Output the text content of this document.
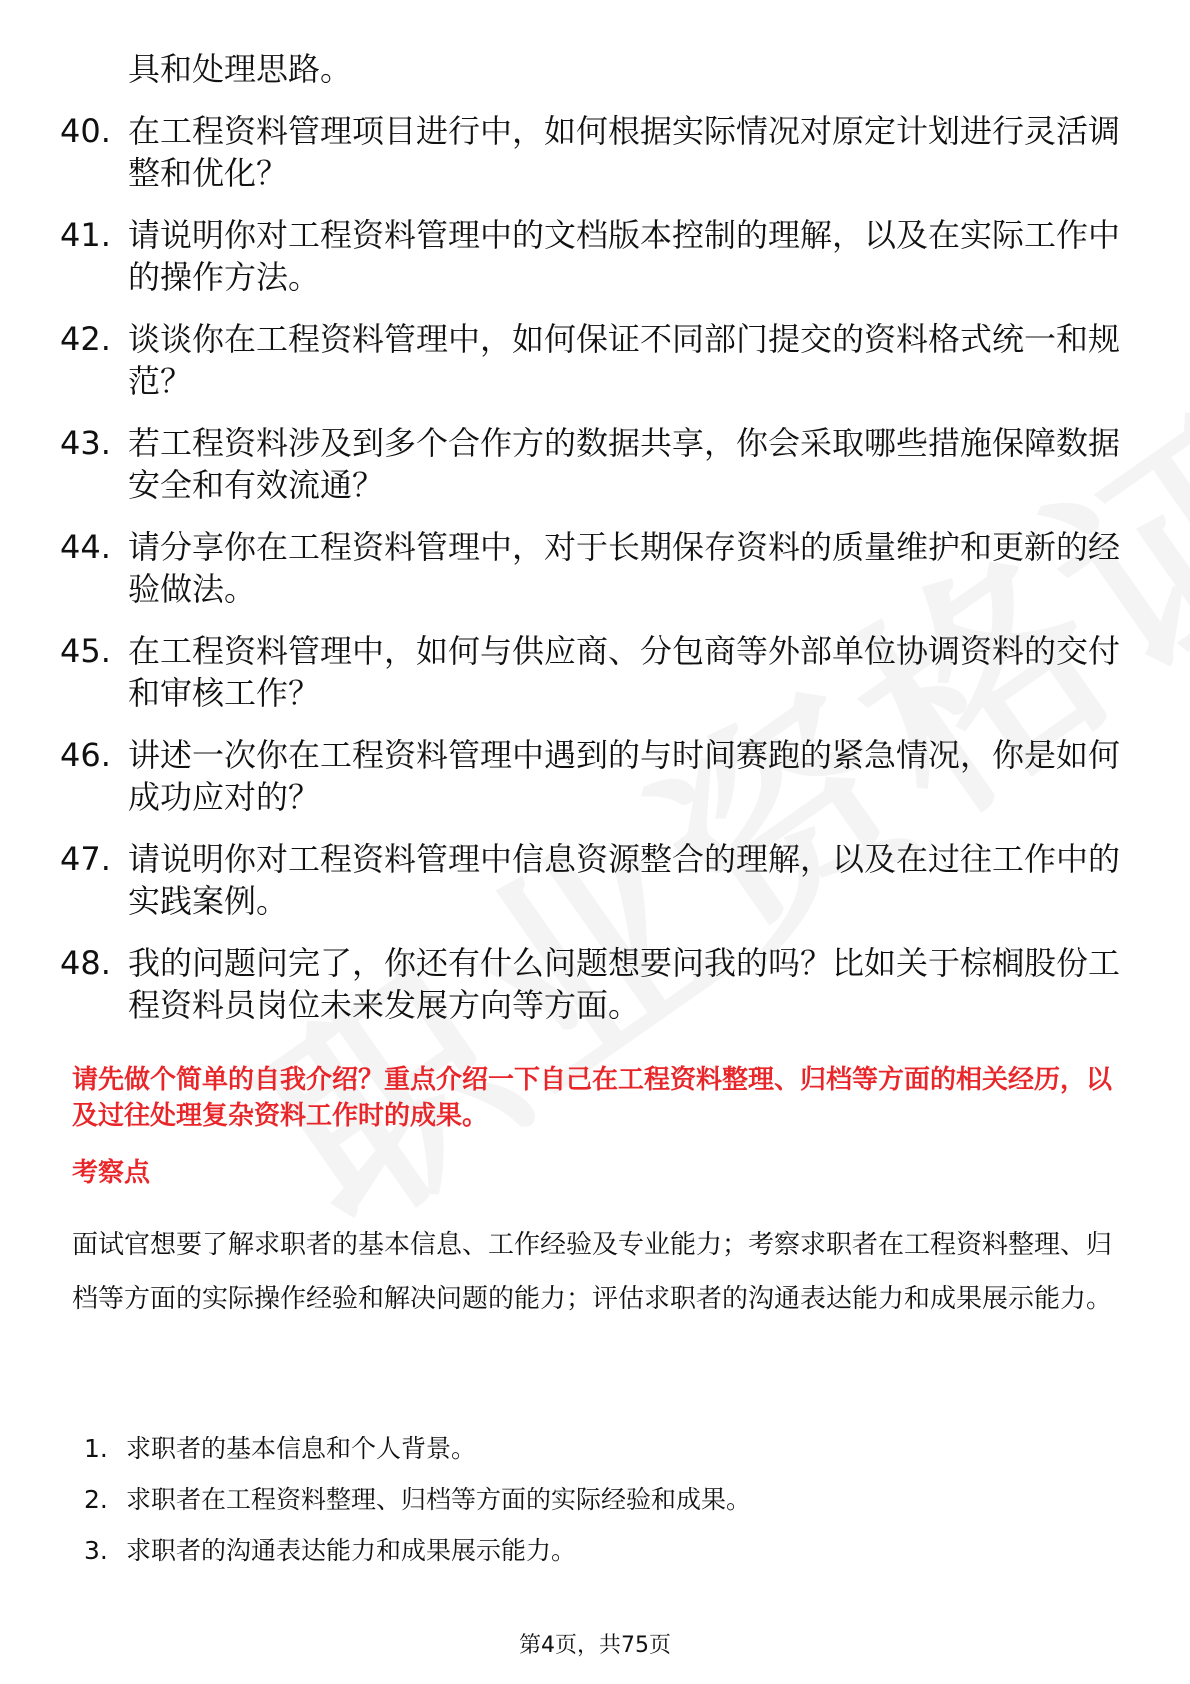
具和处理思路。
40. 在工程资料管理项目进行中，如何根据实际情况对原定计划进行灵活调整和优化？
41. 请说明你对工程资料管理中的文档版本控制的理解，以及在实际工作中的操作方法。
42. 谈谈你在工程资料管理中，如何保证不同部门提交的资料格式统一和规范？
43. 若工程资料涉及到多个合作方的数据共享，你会采取哪些措施保障数据安全和有效流通？
44. 请分享你在工程资料管理中，对于长期保存资料的质量维护和更新的经验做法。
45. 在工程资料管理中，如何与供应商、分包商等外部单位协调资料的交付和审核工作？
46. 讲述一次你在工程资料管理中遇到的与时间赛跑的紧急情况，你是如何成功应对的？
47. 请说明你对工程资料管理中信息资源整合的理解，以及在过往工作中的实践案例。
48. 我的问题问完了，你还有什么问题想要问我的吗？比如关于棕榈股份工程资料员岗位未来发展方向等方面。
请先做个简单的自我介绍？重点介绍一下自己在工程资料整理、归档等方面的相关经历，以及过往处理复杂资料工作时的成果。
考察点
面试官想要了解求职者的基本信息、工作经验及专业能力；考察求职者在工程资料整理、归档等方面的实际操作经验和解决问题的能力；评估求职者的沟通表达能力和成果展示能力。
1. 求职者的基本信息和个人背景。
2. 求职者在工程资料整理、归档等方面的实际经验和成果。
3. 求职者的沟通表达能力和成果展示能力。
第4页，共75页
